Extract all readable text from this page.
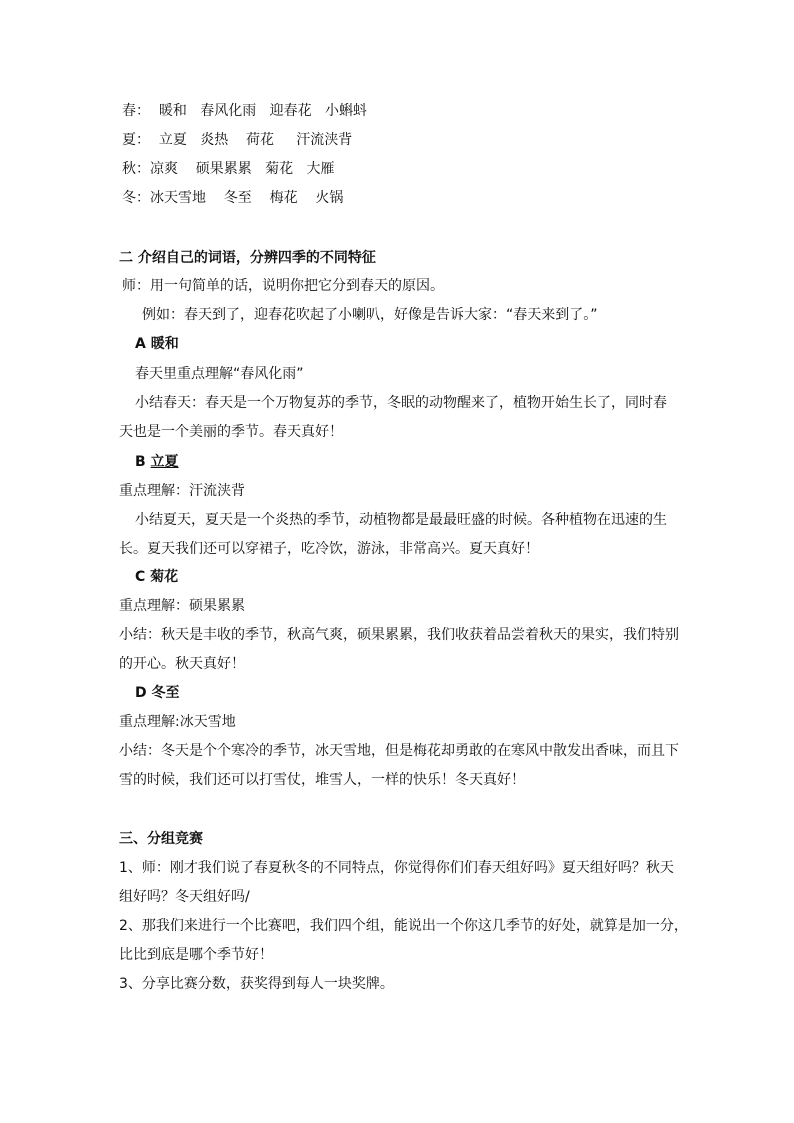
春：  暖和   春风化雨   迎春花   小蝌蚪

夏：  立夏   炎热    荷花     汗流浃背

秋：凉爽    硕果累累   菊花   大雁

冬：冰天雪地    冬至    梅花    火锅

二 介绍自己的词语，分辨四季的不同特征

师：用一句简单的话，说明你把它分到春天的原因。

例如：春天到了，迎春花吹起了小喇叭，好像是告诉大家：“春天来到了。”

A 暖和

春天里重点理解“春风化雨”

小结春天：春天是一个万物复苏的季节，冬眠的动物醒来了，植物开始生长了，同时春

天也是一个美丽的季节。春天真好！

B 立夏

重点理解：汗流浃背

小结夏天，夏天是一个炎热的季节，动植物都是最最旺盛的时候。各种植物在迅速的生

长。夏天我们还可以穿裙子，吃冷饮，游泳，非常高兴。夏天真好！

C 菊花

重点理解：硕果累累

小结：秋天是丰收的季节，秋高气爽，硕果累累，我们收获着品尝着秋天的果实，我们特别

的开心。秋天真好！

D 冬至

重点理解:冰天雪地

小结：冬天是个个寒冷的季节，冰天雪地，但是梅花却勇敢的在寒风中散发出香味，而且下

雪的时候，我们还可以打雪仗，堆雪人，一样的快乐！冬天真好！

三、分组竞赛

1、师：刚才我们说了春夏秋冬的不同特点，你觉得你们们春天组好吗》夏天组好吗？秋天

组好吗？冬天组好吗/

2、那我们来进行一个比赛吧，我们四个组，能说出一个你这几季节的好处，就算是加一分，

比比到底是哪个季节好！

3、分享比赛分数，获奖得到每人一块奖牌。
